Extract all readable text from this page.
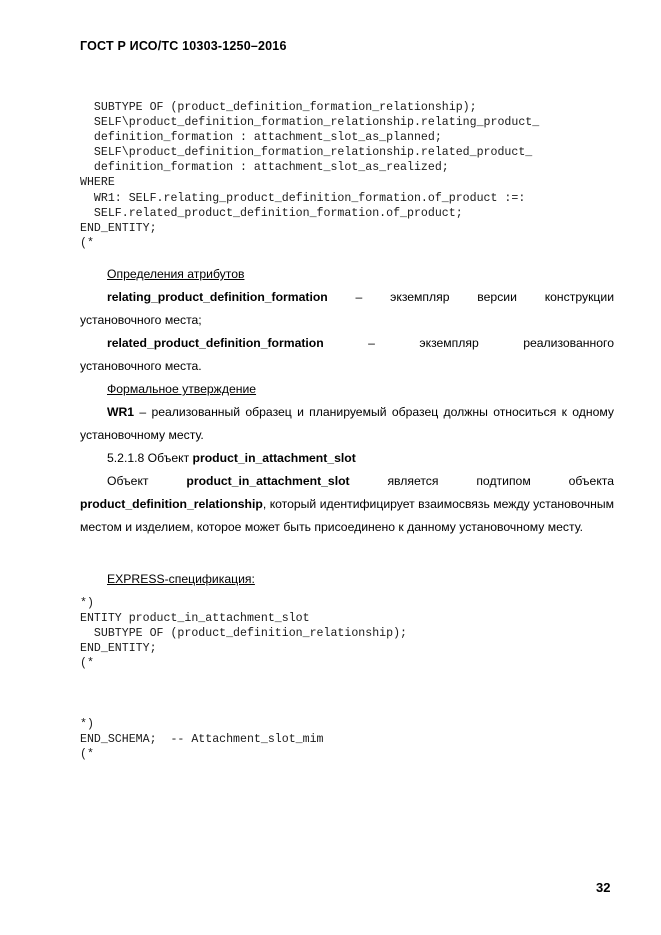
ГОСТ Р ИСО/ТС 10303-1250–2016
SUBTYPE OF (product_definition_formation_relationship);
SELF\product_definition_formation_relationship.relating_product_
definition_formation : attachment_slot_as_planned;
SELF\product_definition_formation_relationship.related_product_
definition_formation : attachment_slot_as_realized;
WHERE
WR1: SELF.relating_product_definition_formation.of_product :=:
SELF.related_product_definition_formation.of_product;
END_ENTITY;
(*

Определения атрибутов

relating_product_definition_formation – экземпляр версии конструкции

установочного места;

related_product_definition_formation	–	экземпляр реализованного

установочного места.

Формальное утверждение

WR1 – реализованный образец и планируемый образец должны относиться к одному установочному месту.

5.2.1.8 Объект product_in_attachment_slot

Объект product_in_attachment_slot является подтипом объекта product_definition_relationship, который идентифицирует взаимосвязь между установочным местом и изделием, которое может быть присоединено к данному установочному месту.

EXPRESS-спецификация:

*)
ENTITY product_in_attachment_slot
SUBTYPE OF (product_definition_relationship);
END_ENTITY;
(*
*)
END_SCHEMA;  -- Attachment_slot_mim
(*
32
